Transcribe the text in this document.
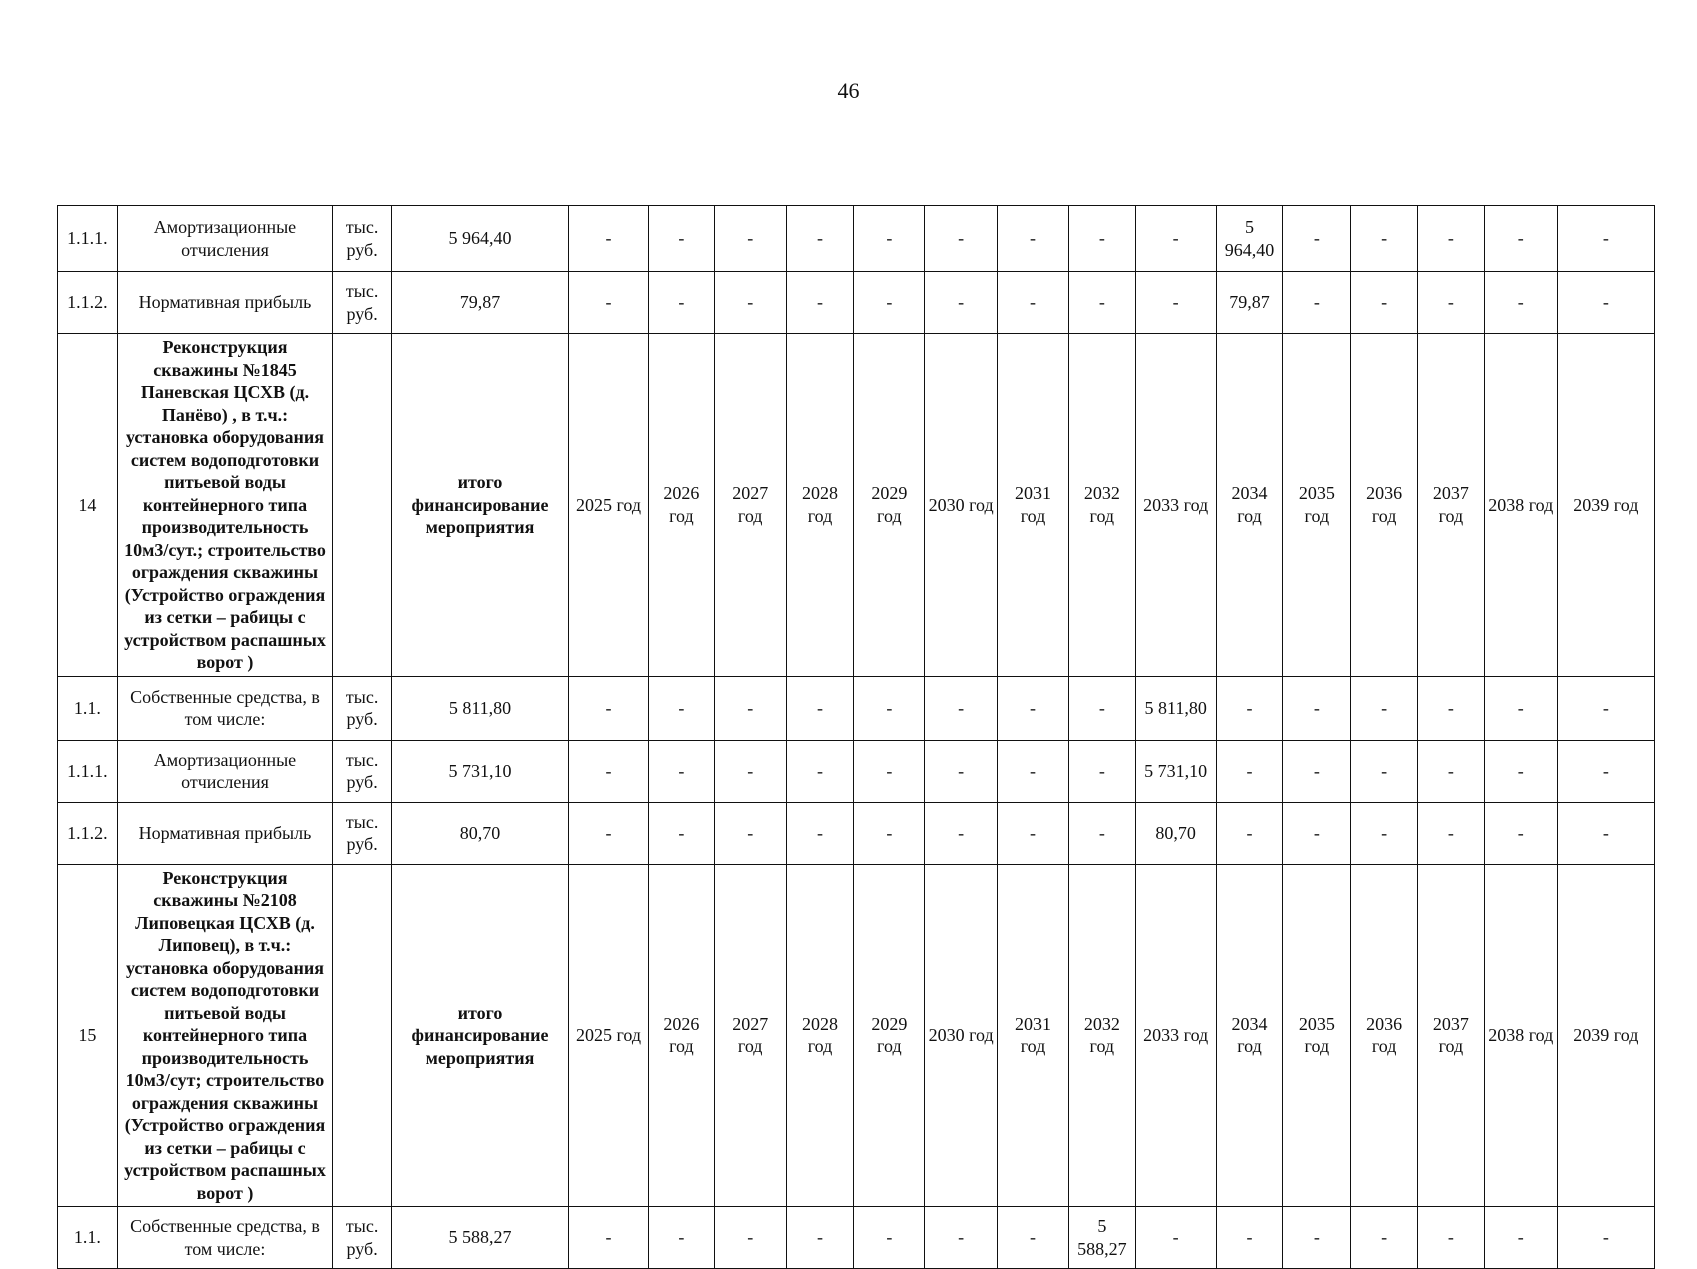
46
1.1.1.	Амортизационные отчисления	тыс. руб.	5 964,40	-	-	-	-	-	-	-	-	-	5 964,40	-	-	-	-	-
1.1.2.	Нормативная прибыль	тыс. руб.	79,87	-	-	-	-	-	-	-	-	-	79,87	-	-	-	-	-
14	Реконструкция скважины №1845 Паневская ЦСХВ (д. Панёво) , в т.ч.: установка оборудования систем водоподготовки питьевой воды контейнерного типа производительность 10м3/сут.; строительство ограждения скважины (Устройство ограждения из сетки – рабицы с устройством распашных ворот )		итого финансирование мероприятия	2025 год	2026 год	2027 год	2028 год	2029 год	2030 год	2031 год	2032 год	2033 год	2034 год	2035 год	2036 год	2037 год	2038 год	2039 год
1.1.	Собственные средства, в том числе:	тыс. руб.	5 811,80	-	-	-	-	-	-	-	-	5 811,80	-	-	-	-	-	-
1.1.1.	Амортизационные отчисления	тыс. руб.	5 731,10	-	-	-	-	-	-	-	-	5 731,10	-	-	-	-	-	-
1.1.2.	Нормативная прибыль	тыс. руб.	80,70	-	-	-	-	-	-	-	-	80,70	-	-	-	-	-	-
15	Реконструкция скважины №2108 Липовецкая ЦСХВ (д. Липовец), в т.ч.: установка оборудования систем водоподготовки питьевой воды контейнерного типа производительность 10м3/сут; строительство ограждения скважины (Устройство ограждения из сетки – рабицы с устройством распашных ворот )		итого финансирование мероприятия	2025 год	2026 год	2027 год	2028 год	2029 год	2030 год	2031 год	2032 год	2033 год	2034 год	2035 год	2036 год	2037 год	2038 год	2039 год
1.1.	Собственные средства, в том числе:	тыс. руб.	5 588,27	-	-	-	-	-	-	-	5 588,27	-	-	-	-	-	-	-
